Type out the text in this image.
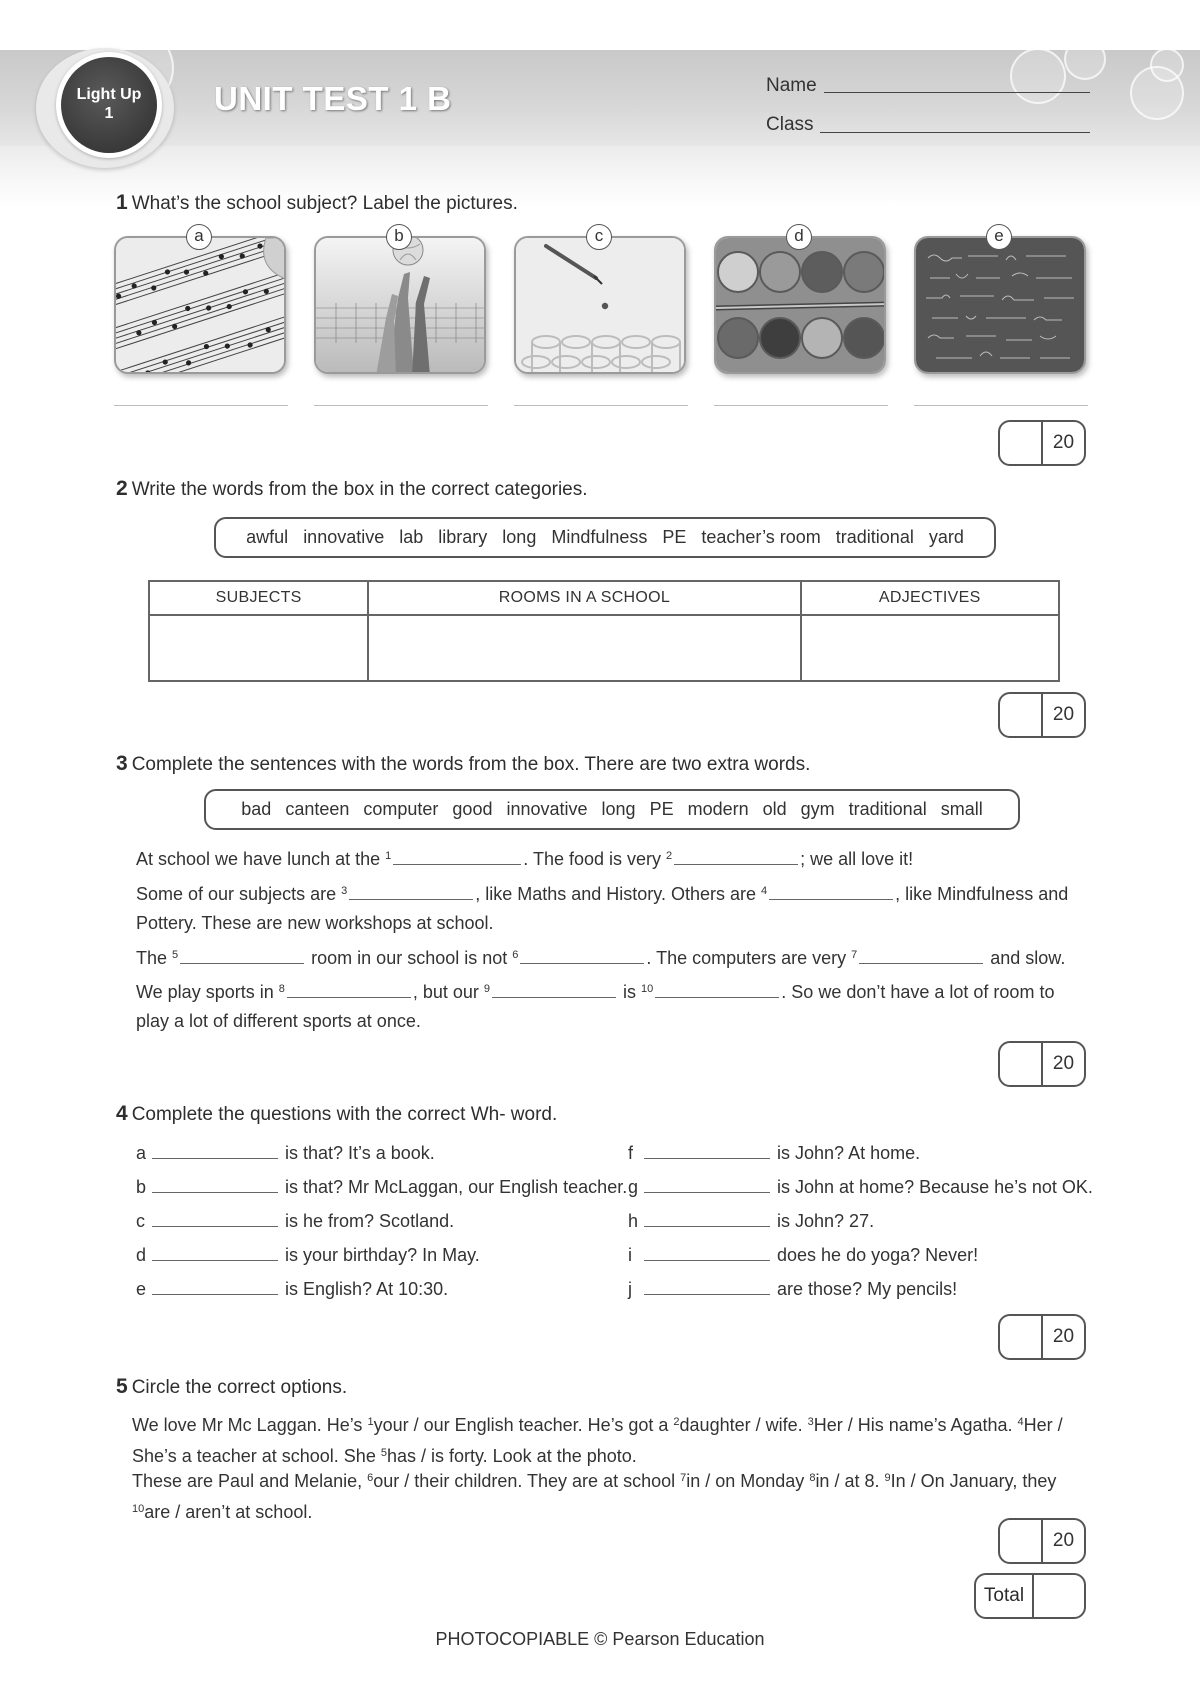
Light Up
1	UNIT TEST 1 B	Name
Class
1 What’s the school subject? Label the pictures.
a	b	c	d	e
20
2 Write the words from the box in the correct categories.
awful innovative lab library long Mindfulness PE teacher’s room traditional yard
SUBJECTS	ROOMS IN A SCHOOL	ADJECTIVES

20
3 Complete the sentences with the words from the box. There are two extra words.
bad canteen computer good innovative long PE modern old gym traditional small
At school we have lunch at the $^1$	. The food is very $^2$	; we all love it!
Some of our subjects are $^3$	, like Maths and History. Others are $^4$	, like Mindfulness and Pottery. These are new workshops at school.
The $^5$	room in our school is not $^6$	. The computers are very $^7$	and slow.
We play sports in $^8$	, but our $^9$	is $^{10}$	. So we don’t have a lot of room to play a lot of different sports at once.
20
4 Complete the questions with the correct Wh- word.
a	is that? It’s a book.
b	is that? Mr McLaggan, our English teacher.
c	is he from? Scotland.
d	is your birthday? In May.
e	is English? At 10:30.
f	is John? At home.
g	is John at home? Because he’s not OK.
h	is John? 27.
i	does he do yoga? Never!
j	are those? My pencils!
20
5 Circle the correct options.
We love Mr Mc Laggan. He’s $^1$your / our English teacher. He’s got a $^2$daughter / wife. $^3$Her / His name’s Agatha. $^4$Her / She’s a teacher at school. She $^5$has / is forty. Look at the photo.
These are Paul and Melanie, $^6$our / their children. They are at school $^7$in / on Monday $^8$in / at 8. $^9$In / On January, they $^{10}$are / aren’t at school.
20
Total
PHOTOCOPIABLE © Pearson Education
